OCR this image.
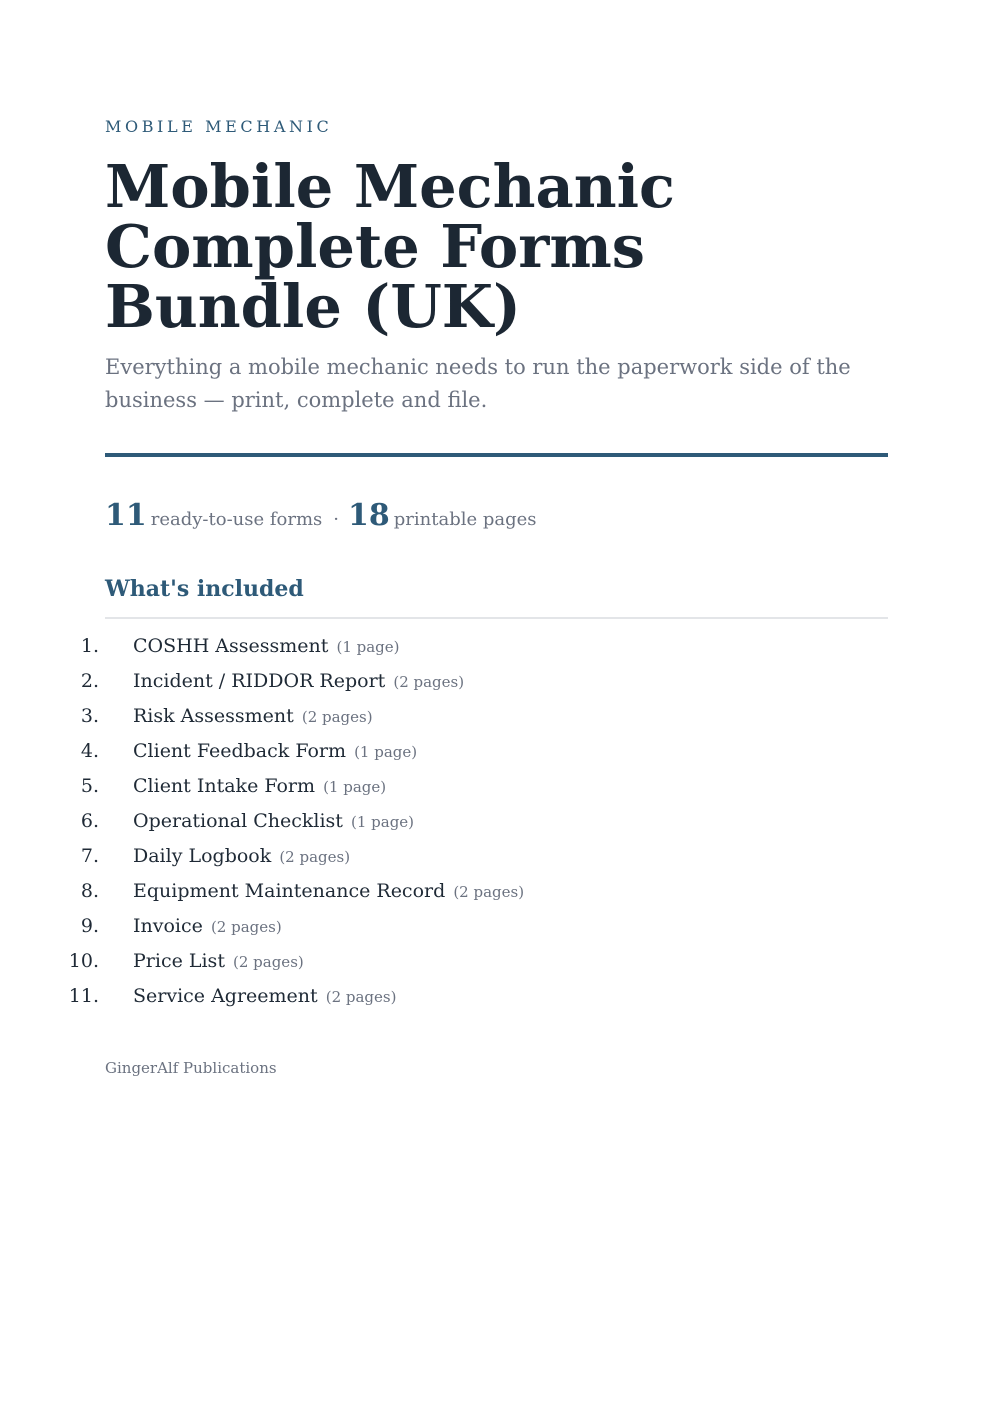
MOBILE MECHANIC
Mobile Mechanic Complete Forms Bundle (UK)

Everything a mobile mechanic needs to run the paperwork side of the business — print, complete and file.

11 ready-to-use forms · 18 printable pages
What's included
1.	COSHH Assessment (1 page)
2.	Incident / RIDDOR Report (2 pages)
3.	Risk Assessment (2 pages)
4.	Client Feedback Form (1 page)
5.	Client Intake Form (1 page)
6.	Operational Checklist (1 page)
7.	Daily Logbook (2 pages)
8.	Equipment Maintenance Record (2 pages)
9.	Invoice (2 pages)
10.	Price List (2 pages)
11.	Service Agreement (2 pages)
GingerAlf Publications
